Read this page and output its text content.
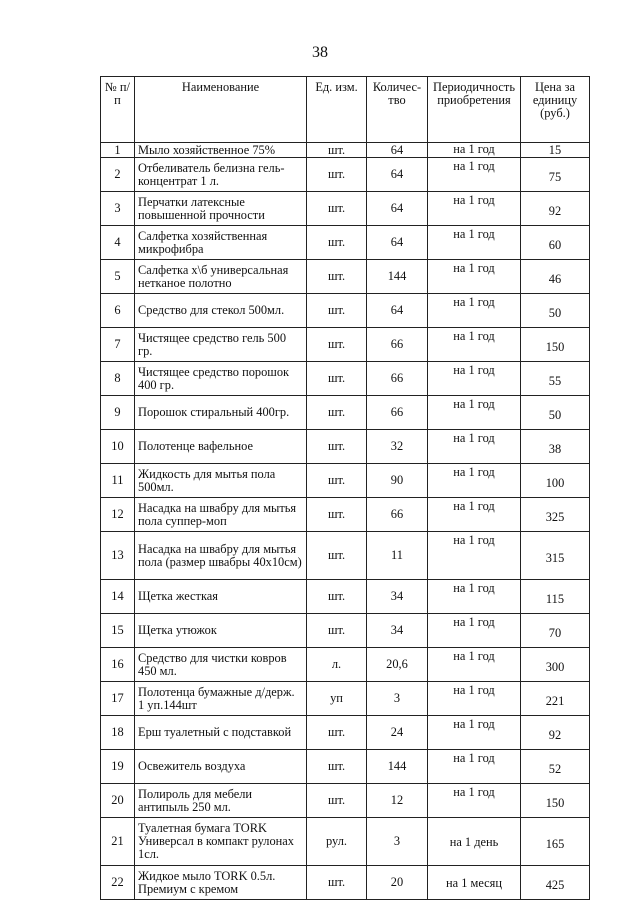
38
№ п/п	Наименование	Ед. изм.	Количес-тво	Периодичность приобретения	Цена за единицу (руб.)
1	Мыло хозяйственное 75%	шт.	64	на 1 год	15
2	Отбеливатель белизна гель-концентрат 1 л.	шт.	64	на 1 год	75
3	Перчатки латексные повышенной прочности	шт.	64	на 1 год	92
4	Салфетка хозяйственная микрофибра	шт.	64	на 1 год	60
5	Салфетка х\б универсальная нетканое полотно	шт.	144	на 1 год	46
6	Средство для стекол 500мл.	шт.	64	на 1 год	50
7	Чистящее средство гель 500 гр.	шт.	66	на 1 год	150
8	Чистящее средство порошок 400 гр.	шт.	66	на 1 год	55
9	Порошок стиральный 400гр.	шт.	66	на 1 год	50
10	Полотенце вафельное	шт.	32	на 1 год	38
11	Жидкость для мытья пола 500мл.	шт.	90	на 1 год	100
12	Насадка на швабру для мытья пола суппер-моп	шт.	66	на 1 год	325
13	Насадка на швабру для мытья пола (размер швабры 40х10см)	шт.	11	на 1 год	315
14	Щетка жесткая	шт.	34	на 1 год	115
15	Щетка утюжок	шт.	34	на 1 год	70
16	Средство для чистки ковров 450 мл.	л.	20,6	на 1 год	300
17	Полотенца бумажные д/держ. 1 уп.144шт	уп	3	на 1 год	221
18	Ерш туалетный с подставкой	шт.	24	на 1 год	92
19	Освежитель воздуха	шт.	144	на 1 год	52
20	Полироль для мебели антипыль 250 мл.	шт.	12	на 1 год	150
21	Туалетная бумага TORK Универсал в компакт рулонах 1сл.	рул.	3	на 1 день	165
22	Жидкое мыло TORK 0.5л. Премиум с кремом	шт.	20	на 1 месяц	425
